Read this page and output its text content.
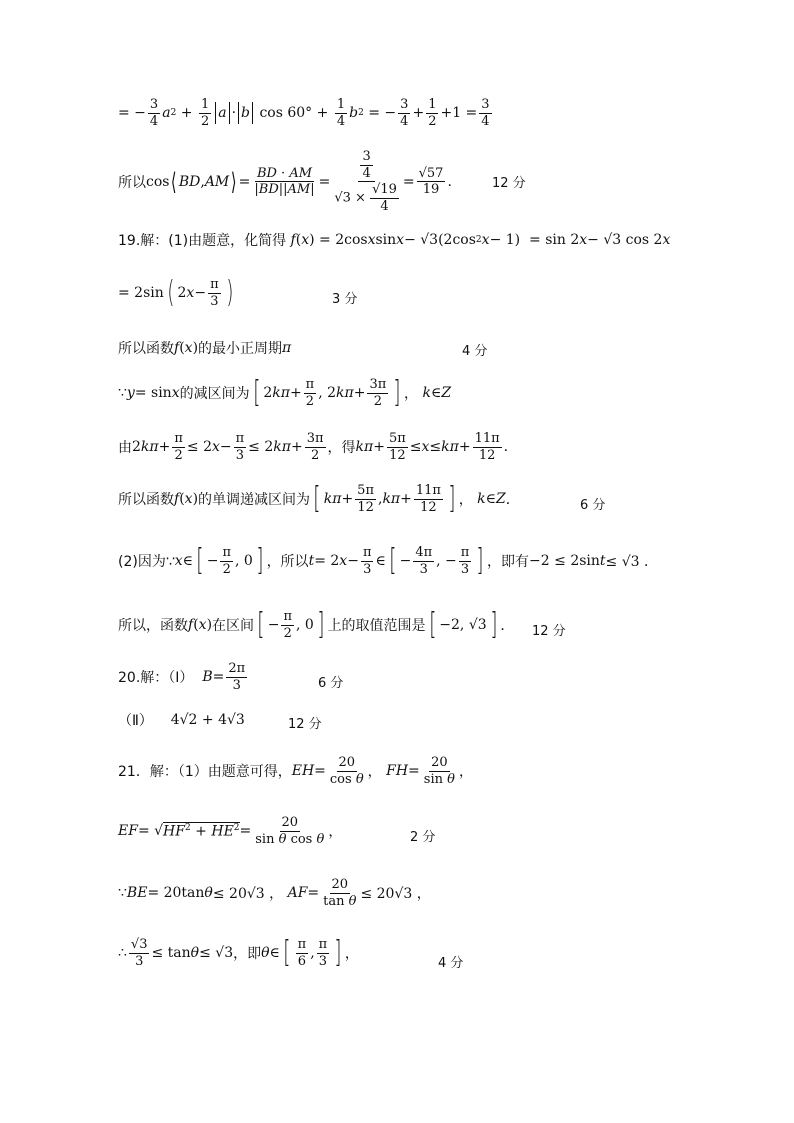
= − $\frac{3}{4}$ a $2 + \frac{1}{2}$ a · b $\cos 60^\circ + \frac{1}{4}$ b 2 = − $\frac{3}{4} + \frac{1}{2} +1 = \frac{3}{4}$
所以 cos ⟨ BD , AM ⟩ = $\frac{BD \cdot AM}{|BD||AM|} = \frac{\frac{3}{4}}{√3 \times \frac{√19}{4}} = \frac{√57}{19}$ .	12 分
19.解： (1)由题意，化简得 f ( x ) = 2cos x sin x − √3 (2cos 2 x − 1) = sin 2 x − √3 cos 2 x
= 2sin ( 2 $x - \frac{\pi}{3}$ )	3 分
所以函数 f ( x ) 的最小正周期 π	4 分
∵ y = sin x 的减区间为 [ 2 $k\pi + \frac{\pi}{2}$ , 2 $k\pi + \frac{3\pi}{2}$ ] ， k ∈ Z
由 2 $k\pi + \frac{\pi}{2} \le 2$ $x - \frac{\pi}{3} \le 2$ $k\pi + \frac{3\pi}{2}$ ，得 $k\pi + \frac{5\pi}{12} \le x \le k\pi + \frac{11\pi}{12}$ .
所以函数 f ( x ) 的单调递减区间为 [ $k\pi + \frac{5\pi}{12}$ , $k\pi + \frac{11\pi}{12}$ ] ， k ∈ Z ．	6 分
(2)因为∵ x ∈ [ − $\frac{\pi}{2}$ , 0 ] ，所以 t = 2 $x - \frac{\pi}{3}$ ∈ [ − $\frac{4\pi}{3}$ , − $\frac{\pi}{3}$ ] ，即有 −2 ≤ 2sin t ≤ √3 ．
所以，函数 f ( x ) 在区间 [ − $\frac{\pi}{2}$ , 0 ] 上的取值范围是 [ −2, √3 ] ． 12 分
20.解：（Ⅰ）
$B = \frac{2\pi}{3}$	6 分
（Ⅱ）
4√2 + 4√3	12 分
21．解：（1）由题意可得， EH = $\frac{20}{\text{cos θ}}$ ， FH = $\frac{20}{\text{sin θ}}$ ，
EF = √ $HF^2 + HE^2 = \frac{20}{\text{sin θ cos θ}}$ ，	2 分
∵ BE = 20tan θ ≤ 20√3 ， AF = $\frac{20}{\text{tan θ}} \le 20√3$ ，
∴ $\frac{√3}{3} \le \tan \theta \le √3$ ，即 θ ∈ [ $\frac{\pi}{6}$ , $\frac{\pi}{3}$ ] ，
4 分
